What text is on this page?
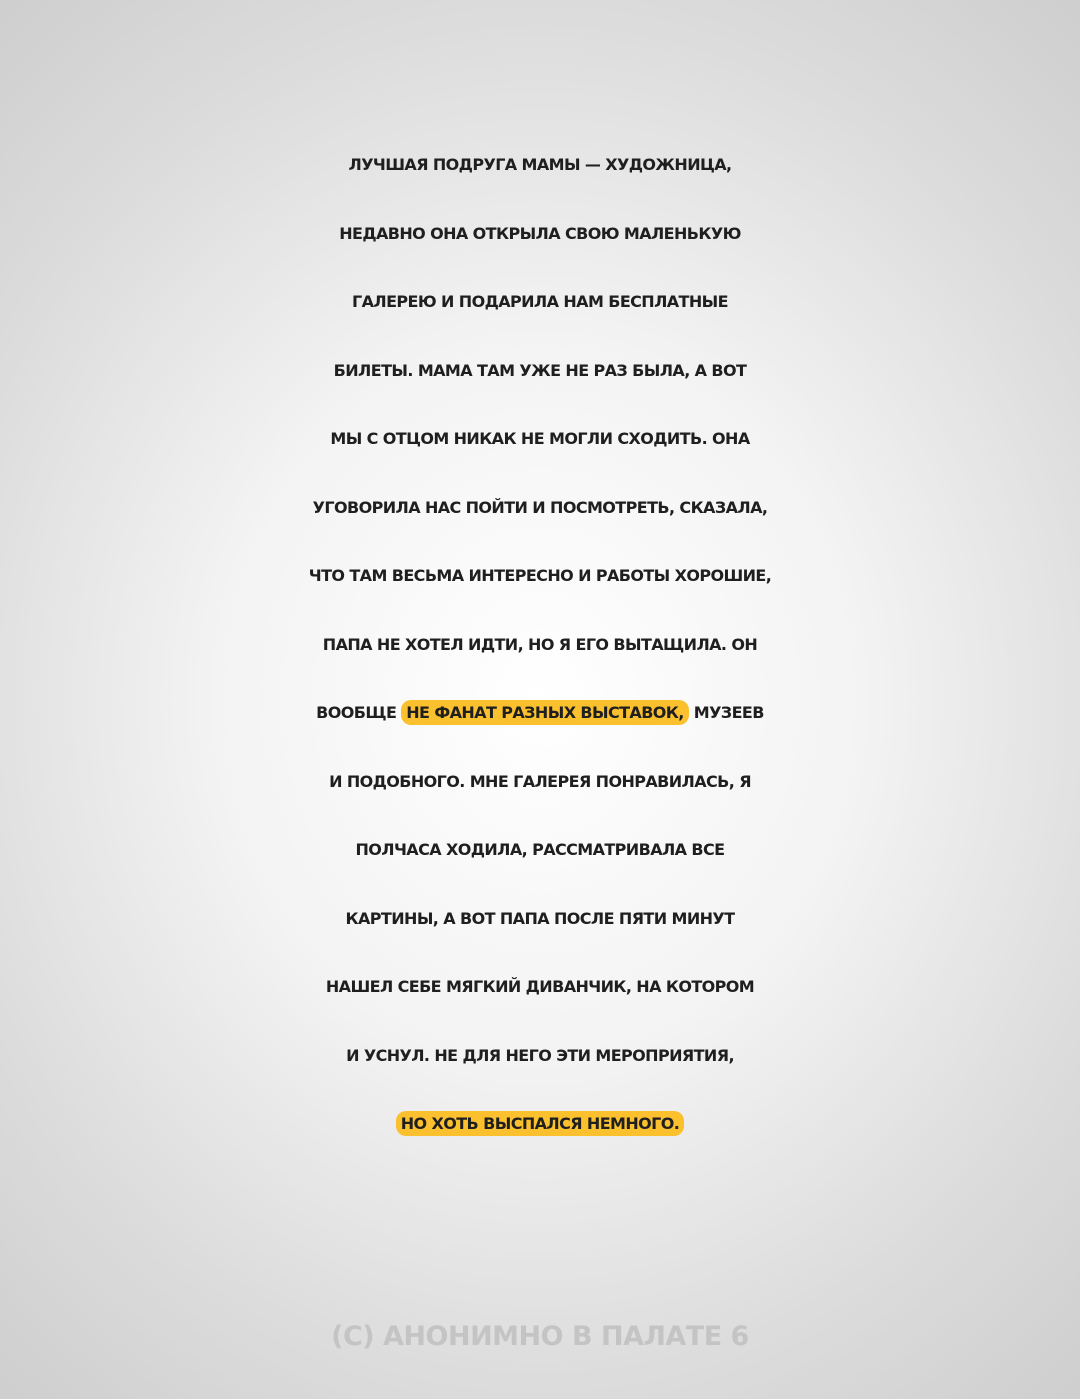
ЛУЧШАЯ ПОДРУГА МАМЫ — ХУДОЖНИЦА,
НЕДАВНО ОНА ОТКРЫЛА СВОЮ МАЛЕНЬКУЮ
ГАЛЕРЕЮ И ПОДАРИЛА НАМ БЕСПЛАТНЫЕ
БИЛЕТЫ. МАМА ТАМ УЖЕ НЕ РАЗ БЫЛА, А ВОТ
МЫ С ОТЦОМ НИКАК НЕ МОГЛИ СХОДИТЬ. ОНА
УГОВОРИЛА НАС ПОЙТИ И ПОСМОТРЕТЬ, СКАЗАЛА,
ЧТО ТАМ ВЕСЬМА ИНТЕРЕСНО И РАБОТЫ ХОРОШИЕ,
ПАПА НЕ ХОТЕЛ ИДТИ, НО Я ЕГО ВЫТАЩИЛА. ОН
ВООБЩЕ НЕ ФАНАТ РАЗНЫХ ВЫСТАВОК, МУЗЕЕВ
И ПОДОБНОГО. МНЕ ГАЛЕРЕЯ ПОНРАВИЛАСЬ, Я
ПОЛЧАСА ХОДИЛА, РАССМАТРИВАЛА ВСЕ
КАРТИНЫ, А ВОТ ПАПА ПОСЛЕ ПЯТИ МИНУТ
НАШЕЛ СЕБЕ МЯГКИЙ ДИВАНЧИК, НА КОТОРОМ
И УСНУЛ. НЕ ДЛЯ НЕГО ЭТИ МЕРОПРИЯТИЯ,
НО ХОТЬ ВЫСПАЛСЯ НЕМНОГО.
(С) АНОНИМНО В ПАЛАТЕ 6
